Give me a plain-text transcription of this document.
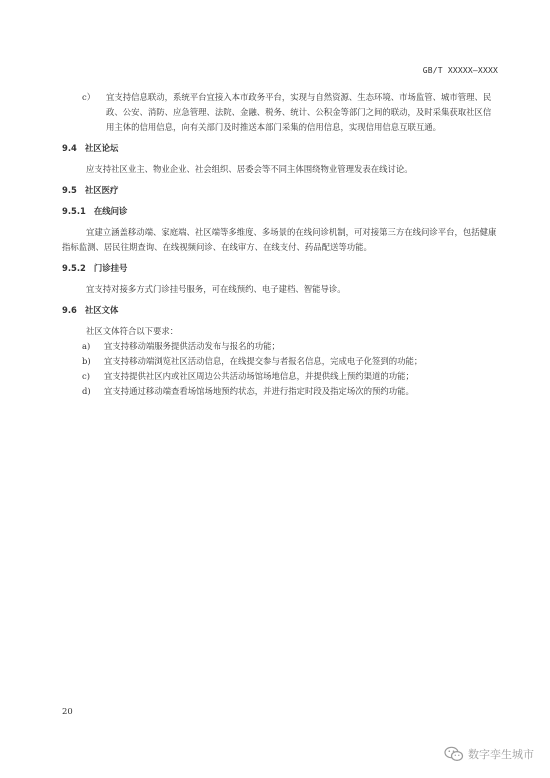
GB/T XXXXX—XXXX
c）	宜支持信息联动，系统平台宜接入本市政务平台，实现与自然资源、生态环境、市场监管、城市管理、民政、公安、消防、应急管理、法院、金融、税务、统计、公积金等部门之间的联动，及时采集获取社区信用主体的信用信息，向有关部门及时推送本部门采集的信用信息，实现信用信息互联互通。
9.4 社区论坛
应支持社区业主、物业企业、社会组织、居委会等不同主体围绕物业管理发表在线讨论。
9.5 社区医疗
9.5.1 在线问诊
宜建立涵盖移动端、家庭端、社区端等多维度、多场景的在线问诊机制，可对接第三方在线问诊平台，包括健康指标监测、居民往期查询、在线视频问诊、在线审方、在线支付、药品配送等功能。
9.5.2 门诊挂号
宜支持对接多方式门诊挂号服务，可在线预约、电子建档、智能导诊。
9.6 社区文体
社区文体符合以下要求：
a)	宜支持移动端服务提供活动发布与报名的功能；
b)	宜支持移动端浏览社区活动信息，在线提交参与者报名信息，完成电子化签到的功能；
c)	宜支持提供社区内或社区周边公共活动场馆场地信息，并提供线上预约渠道的功能；
d)	宜支持通过移动端查看场馆场地预约状态，并进行指定时段及指定场次的预约功能。
20
数字孪生城市
